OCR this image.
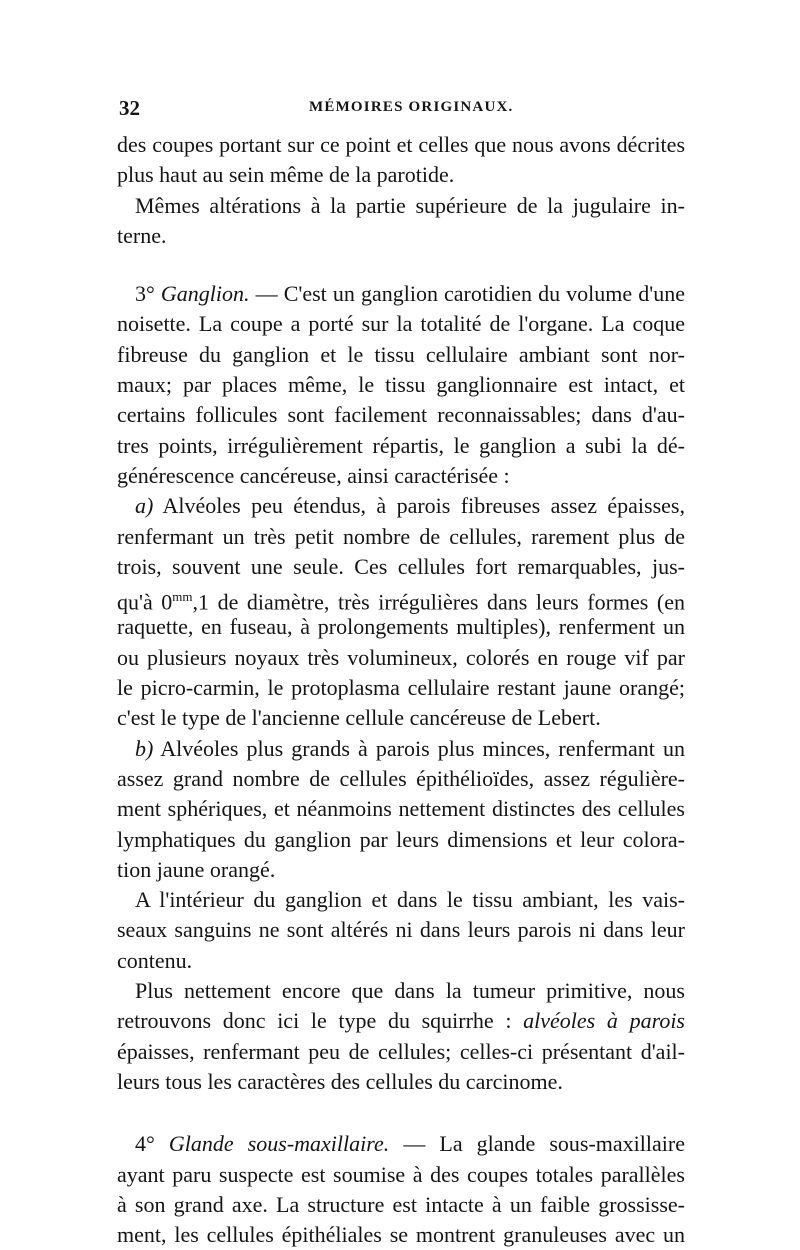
32	MÉMOIRES ORIGINAUX.
des coupes portant sur ce point et celles que nous avons décrites
plus haut au sein même de la parotide.
Mêmes altérations à la partie supérieure de la jugulaire in-
terne.
3° Ganglion. — C'est un ganglion carotidien du volume d'une
noisette. La coupe a porté sur la totalité de l'organe. La coque
fibreuse du ganglion et le tissu cellulaire ambiant sont nor-
maux; par places même, le tissu ganglionnaire est intact, et
certains follicules sont facilement reconnaissables; dans d'au-
tres points, irrégulièrement répartis, le ganglion a subi la dé-
générescence cancéreuse, ainsi caractérisée :
a) Alvéoles peu étendus, à parois fibreuses assez épaisses,
renfermant un très petit nombre de cellules, rarement plus de
trois, souvent une seule. Ces cellules fort remarquables, jus-
qu'à $0^{mm},1$ de diamètre, très irrégulières dans leurs formes (en
raquette, en fuseau, à prolongements multiples), renferment un
ou plusieurs noyaux très volumineux, colorés en rouge vif par
le picro-carmin, le protoplasma cellulaire restant jaune orangé;
c'est le type de l'ancienne cellule cancéreuse de Lebert.
b) Alvéoles plus grands à parois plus minces, renfermant un
assez grand nombre de cellules épithélioïdes, assez régulière-
ment sphériques, et néanmoins nettement distinctes des cellules
lymphatiques du ganglion par leurs dimensions et leur colora-
tion jaune orangé.
A l'intérieur du ganglion et dans le tissu ambiant, les vais-
seaux sanguins ne sont altérés ni dans leurs parois ni dans leur
contenu.
Plus nettement encore que dans la tumeur primitive, nous
retrouvons donc ici le type du squirrhe : alvéoles à parois
épaisses, renfermant peu de cellules; celles-ci présentant d'ail-
leurs tous les caractères des cellules du carcinome.
4° Glande sous-maxillaire. — La glande sous-maxillaire
ayant paru suspecte est soumise à des coupes totales parallèles
à son grand axe. La structure est intacte à un faible grossisse-
ment, les cellules épithéliales se montrent granuleuses avec un
